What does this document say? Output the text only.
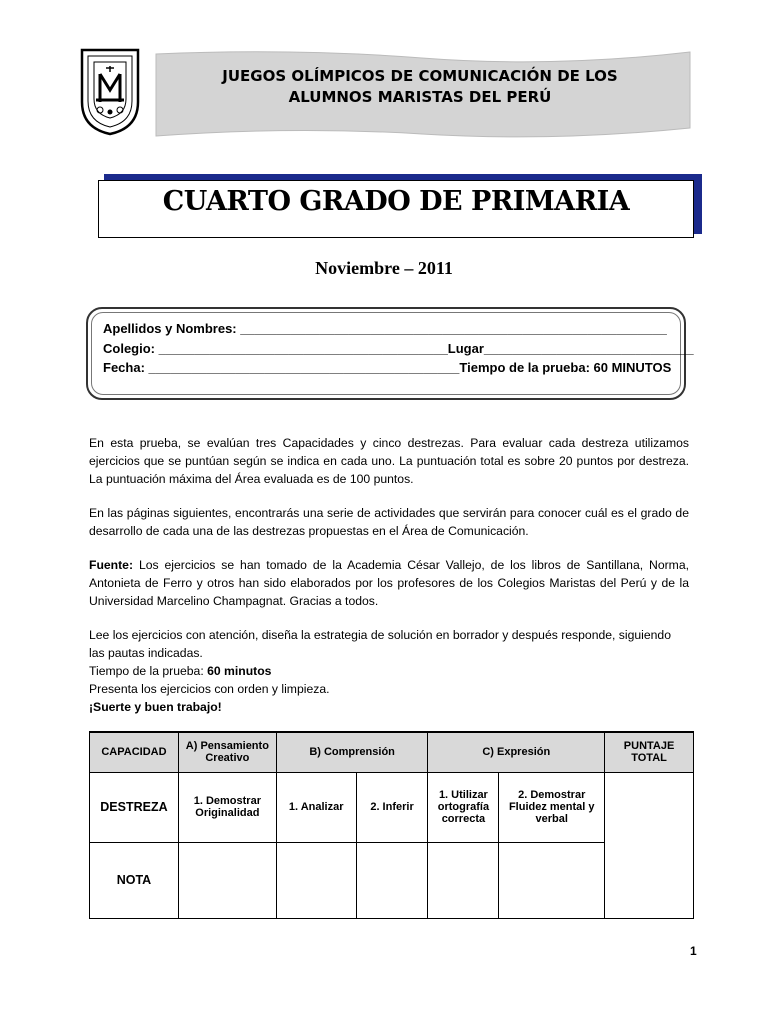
JUEGOS OLÍMPICOS DE COMUNICACIÓN DE LOS
ALUMNOS MARISTAS DEL PERÚ
CUARTO GRADO DE PRIMARIA
Noviembre – 2011
Apellidos y Nombres: ___________________________________________________________
Colegio: ________________________________________Lugar_____________________________
Fecha: ___________________________________________Tiempo de la prueba: 60 MINUTOS
En esta prueba, se evalúan tres Capacidades y cinco destrezas. Para evaluar cada destreza utilizamos ejercicios que se puntúan según se indica en cada uno. La puntuación total es sobre 20 puntos por destreza. La puntuación máxima del Área evaluada es de 100 puntos.
En las páginas siguientes, encontrarás una serie de actividades que servirán para conocer cuál es el grado de desarrollo de cada una de las destrezas propuestas en el Área de Comunicación.
Fuente: Los ejercicios se han tomado de la Academia César Vallejo, de los libros de Santillana, Norma, Antonieta de Ferro y otros han sido elaborados por los profesores de los Colegios Maristas del Perú y de la Universidad Marcelino Champagnat. Gracias a todos.
Lee los ejercicios con atención, diseña la estrategia de solución en borrador y después responde, siguiendo las pautas indicadas.
Tiempo de la prueba: 60 minutos
Presenta los ejercicios con orden y limpieza.
¡Suerte y buen trabajo!
CAPACIDAD	A) Pensamiento Creativo	B) Comprensión		C) Expresión		PUNTAJE TOTAL
DESTREZA	1. Demostrar Originalidad	1. Analizar	2. Inferir	1. Utilizar ortografía correcta	2. Demostrar Fluidez mental y verbal	
NOTA						
1
